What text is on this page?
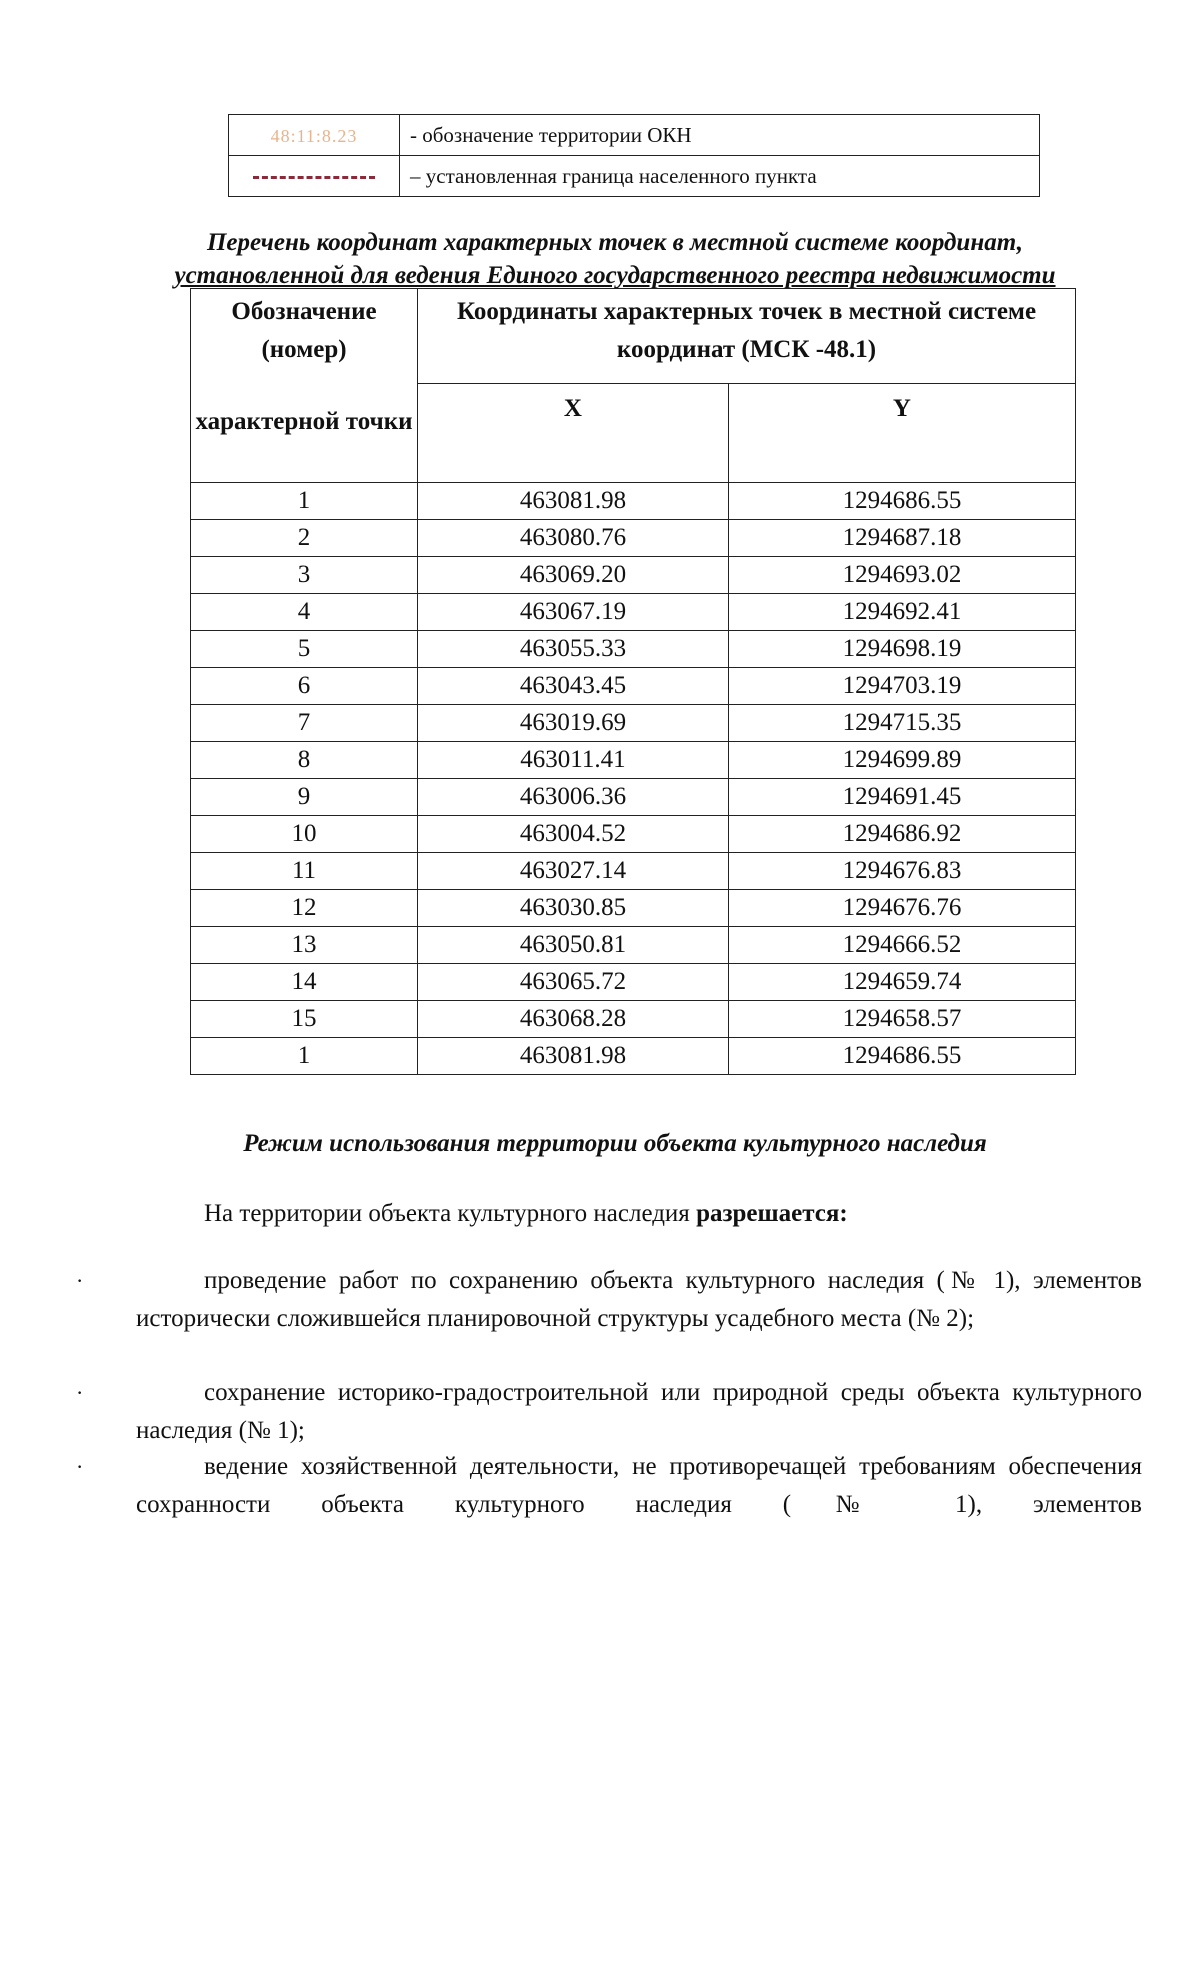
48:11:8.23	- обозначение территории ОКН
	– установленная граница населенного пункта
Перечень координат характерных точек в местной системе координат,
установленной для ведения Единого государственного реестра недвижимости
Обозначение (номер)
характерной точки	Координаты характерных точек в местной системе координат (МСК -48.1)	
	X	Y
1	463081.98	1294686.55
2	463080.76	1294687.18
3	463069.20	1294693.02
4	463067.19	1294692.41
5	463055.33	1294698.19
6	463043.45	1294703.19
7	463019.69	1294715.35
8	463011.41	1294699.89
9	463006.36	1294691.45
10	463004.52	1294686.92
11	463027.14	1294676.83
12	463030.85	1294676.76
13	463050.81	1294666.52
14	463065.72	1294659.74
15	463068.28	1294658.57
1	463081.98	1294686.55
Режим использования территории объекта культурного наследия
На территории объекта культурного наследия разрешается:
·	проведение работ по сохранению объекта культурного наследия (№ 1), элементов исторически сложившейся планировочной структуры усадебного места (№ 2);
·	сохранение историко-градостроительной или природной среды объекта культурного наследия (№ 1);
·	ведение хозяйственной деятельности, не противоречащей требованиям обеспечения сохранности объекта культурного наследия (№ 1), элементов
